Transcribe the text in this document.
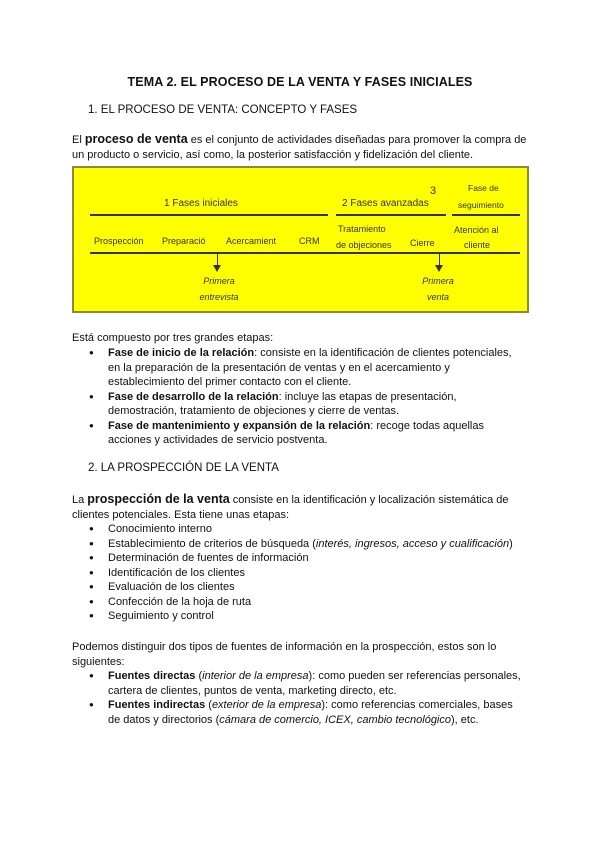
TEMA 2. EL PROCESO DE LA VENTA Y FASES INICIALES
1. EL PROCESO DE VENTA: CONCEPTO Y FASES
El proceso de venta es el conjunto de actividades diseñadas para promover la compra de
un producto o servicio, así como, la posterior satisfacción y fidelización del cliente.
1 Fases iniciales	2 Fases avanzadas
3	Fase de
seguimiento
Prospección Preparació Acercamient	CRM
Tratamiento
de objeciones Cierre
Atención al
cliente
Primera
entrevista
Primera
venta
Está compuesto por tres grandes etapas:
● Fase de inicio de la relación: consiste en la identificación de clientes potenciales,
en la preparación de la presentación de ventas y en el acercamiento y
establecimiento del primer contacto con el cliente.
● Fase de desarrollo de la relación: incluye las etapas de presentación,
demostración, tratamiento de objeciones y cierre de ventas.
● Fase de mantenimiento y expansión de la relación: recoge todas aquellas
acciones y actividades de servicio postventa.
2. LA PROSPECCIÓN DE LA VENTA
La prospección de la venta consiste en la identificación y localización sistemática de
clientes potenciales. Esta tiene unas etapas:
● Conocimiento interno
● Establecimiento de criterios de búsqueda (interés, ingresos, acceso y cualificación)
● Determinación de fuentes de información
● Identificación de los clientes
● Evaluación de los clientes
● Confección de la hoja de ruta
● Seguimiento y control
Podemos distinguir dos tipos de fuentes de información en la prospección, estos son lo
siguientes:
● Fuentes directas (interior de la empresa): como pueden ser referencias personales,
cartera de clientes, puntos de venta, marketing directo, etc.
● Fuentes indirectas (exterior de la empresa): como referencias comerciales, bases
de datos y directorios (cámara de comercio, ICEX, cambio tecnológico), etc.
